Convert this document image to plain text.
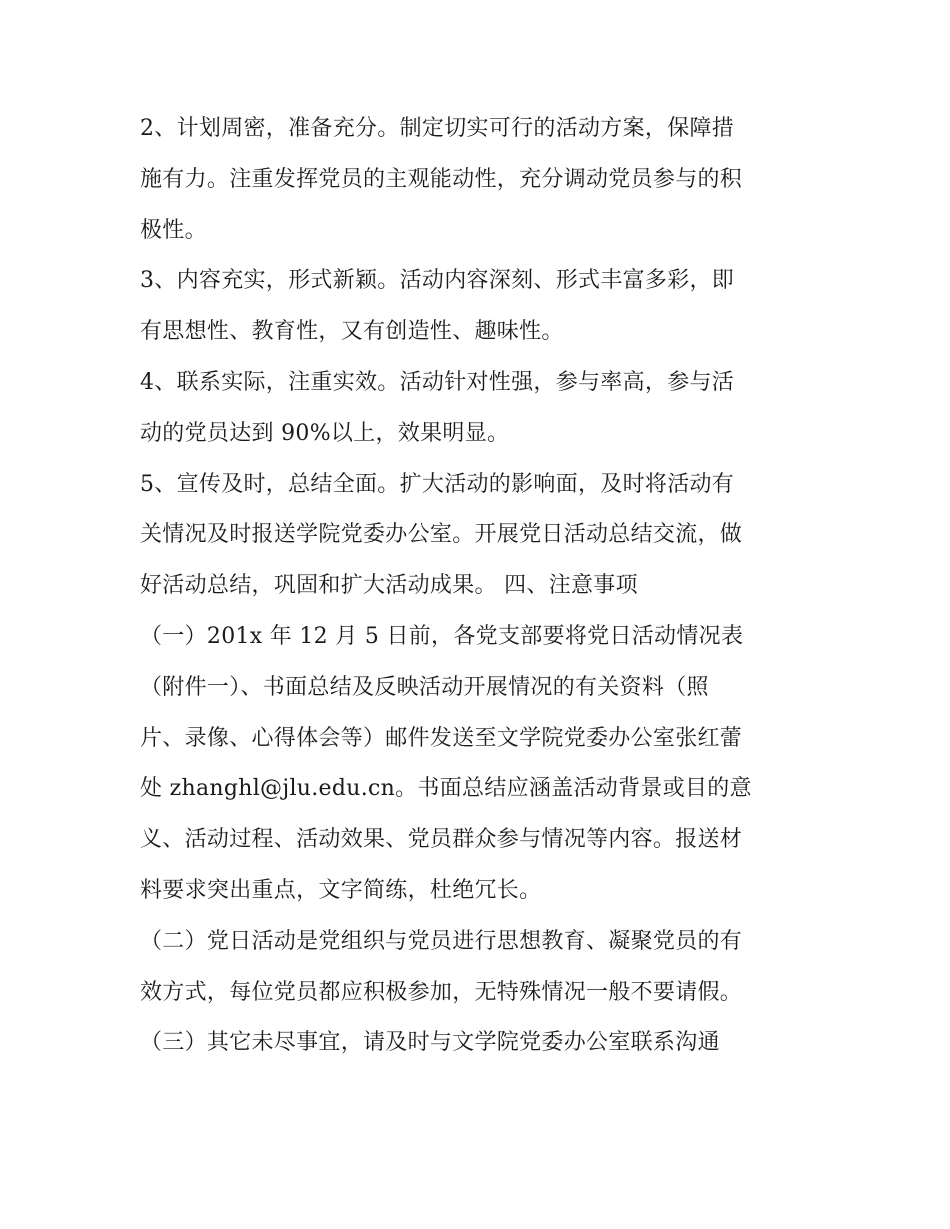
2、计划周密，准备充分。制定切实可行的活动方案，保障措
施有力。注重发挥党员的主观能动性，充分调动党员参与的积
极性。
3、内容充实，形式新颖。活动内容深刻、形式丰富多彩，即
有思想性、教育性，又有创造性、趣味性。
4、联系实际，注重实效。活动针对性强，参与率高，参与活
动的党员达到 90%以上，效果明显。
5、宣传及时，总结全面。扩大活动的影响面，及时将活动有
关情况及时报送学院党委办公室。开展党日活动总结交流，做
好活动总结，巩固和扩大活动成果。 四、注意事项
（一）201x 年 12 月 5 日前，各党支部要将党日活动情况表
（附件一）、书面总结及反映活动开展情况的有关资料（照
片、录像、心得体会等）邮件发送至文学院党委办公室张红蕾
处 zhanghl@jlu.edu.cn。书面总结应涵盖活动背景或目的意
义、活动过程、活动效果、党员群众参与情况等内容。报送材
料要求突出重点，文字简练，杜绝冗长。
（二）党日活动是党组织与党员进行思想教育、凝聚党员的有
效方式，每位党员都应积极参加，无特殊情况一般不要请假。
（三）其它未尽事宜，请及时与文学院党委办公室联系沟通
